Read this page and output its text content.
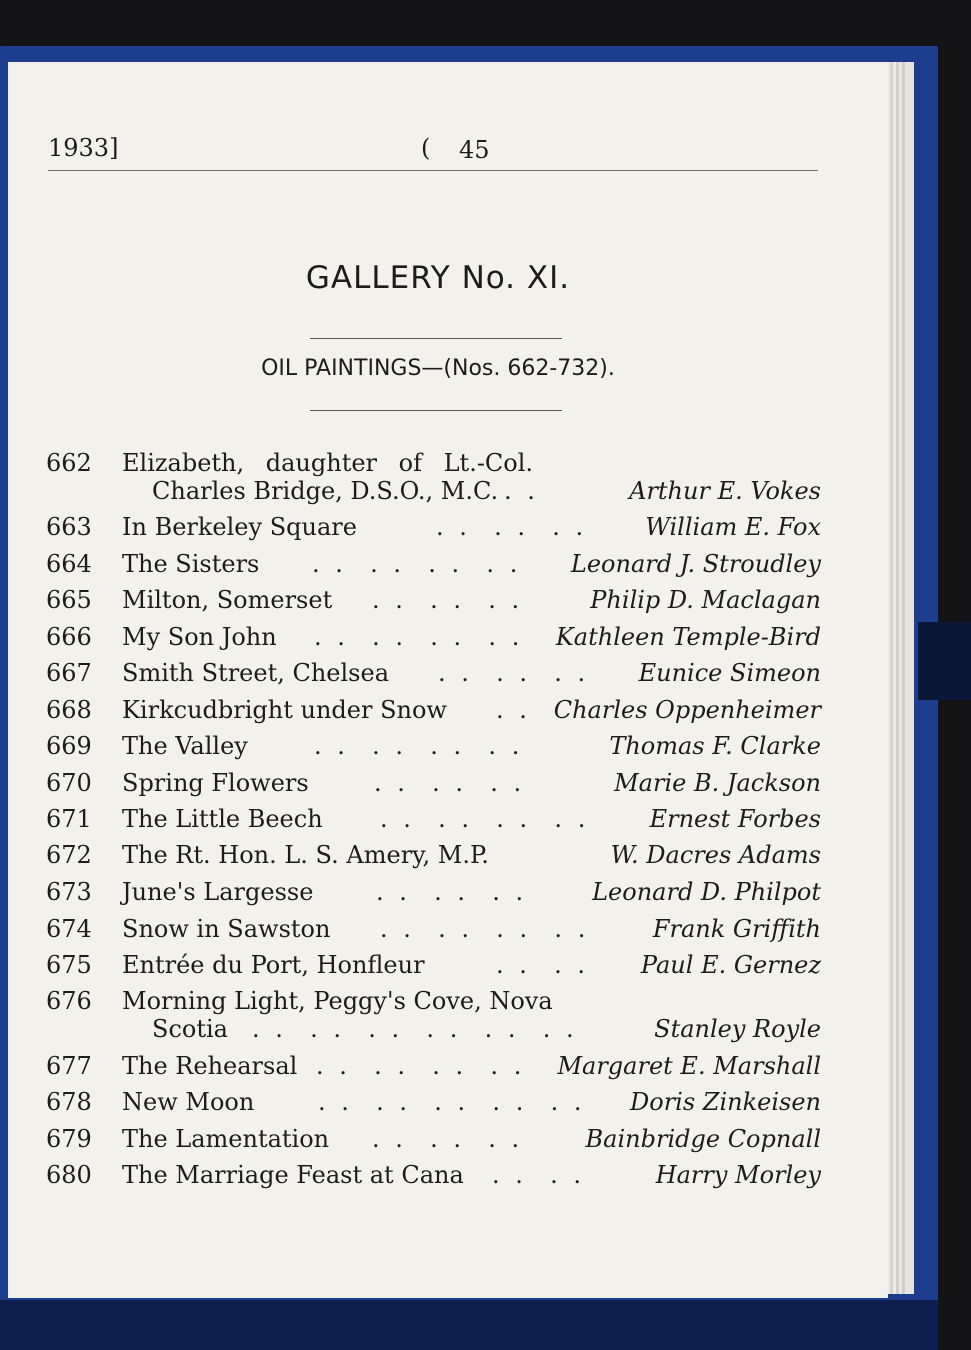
1933]	( 45
GALLERY No. XI.
OIL PAINTINGS—(Nos. 662-732).
662 Elizabeth, daughter of Lt.-Col.
Charles Bridge, D.S.O., M.C. . .	Arthur E. Vokes
663 In Berkeley Square	. .  . .  . . William E. Fox
664 The Sisters . .  . .  . .  . . Leonard J. Stroudley
665 Milton, Somerset . .  . .  . .	Philip D. Maclagan
666 My Son John . .  . .  . .  . . Kathleen Temple-Bird
667 Smith Street, Chelsea . .  . .  . . Eunice Simeon
668 Kirkcudbright under Snow . . Charles Oppenheimer
669 The Valley	. .  . .  . .  . .	Thomas F. Clarke
670 Spring Flowers	. .  . .  . .	Marie B. Jackson
671 The Little Beech . .  . .  . .  . .	Ernest Forbes
672 The Rt. Hon. L. S. Amery, M.P.	W. Dacres Adams
673 June's Largesse	. .  . .  . .	Leonard D. Philpot
674 Snow in Sawston . .  . .  . .  . .	Frank Griffith
675 Entrée du Port, Honfleur	. .  . . Paul E. Gernez
676 Morning Light, Peggy's Cove, Nova
Scotia . .  . .  . .  . .  . .  . .	Stanley Royle
677 The Rehearsal . .  . .  . .  . . Margaret E. Marshall
678 New Moon	. .  . .  . .  . .  . . Doris Zinkeisen
679 The Lamentation . .  . .  . .	Bainbridge Copnall
680 The Marriage Feast at Cana . .  . .	Harry Morley
